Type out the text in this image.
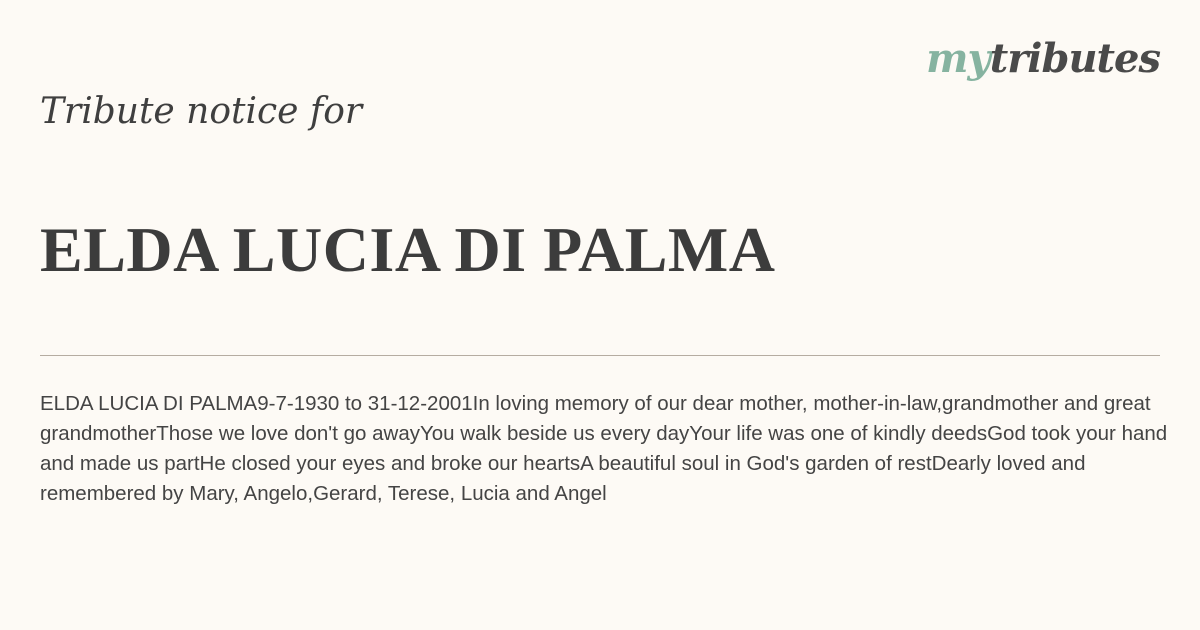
mytributes
Tribute notice for
ELDA LUCIA DI PALMA
ELDA LUCIA DI PALMA9-7-1930 to 31-12-2001In loving memory of our dear mother, mother-in-law,grandmother and great grandmotherThose we love don't go awayYou walk beside us every dayYour life was one of kindly deedsGod took your hand and made us partHe closed your eyes and broke our heartsA beautiful soul in God's garden of restDearly loved and remembered by Mary, Angelo,Gerard, Terese, Lucia and Angel
